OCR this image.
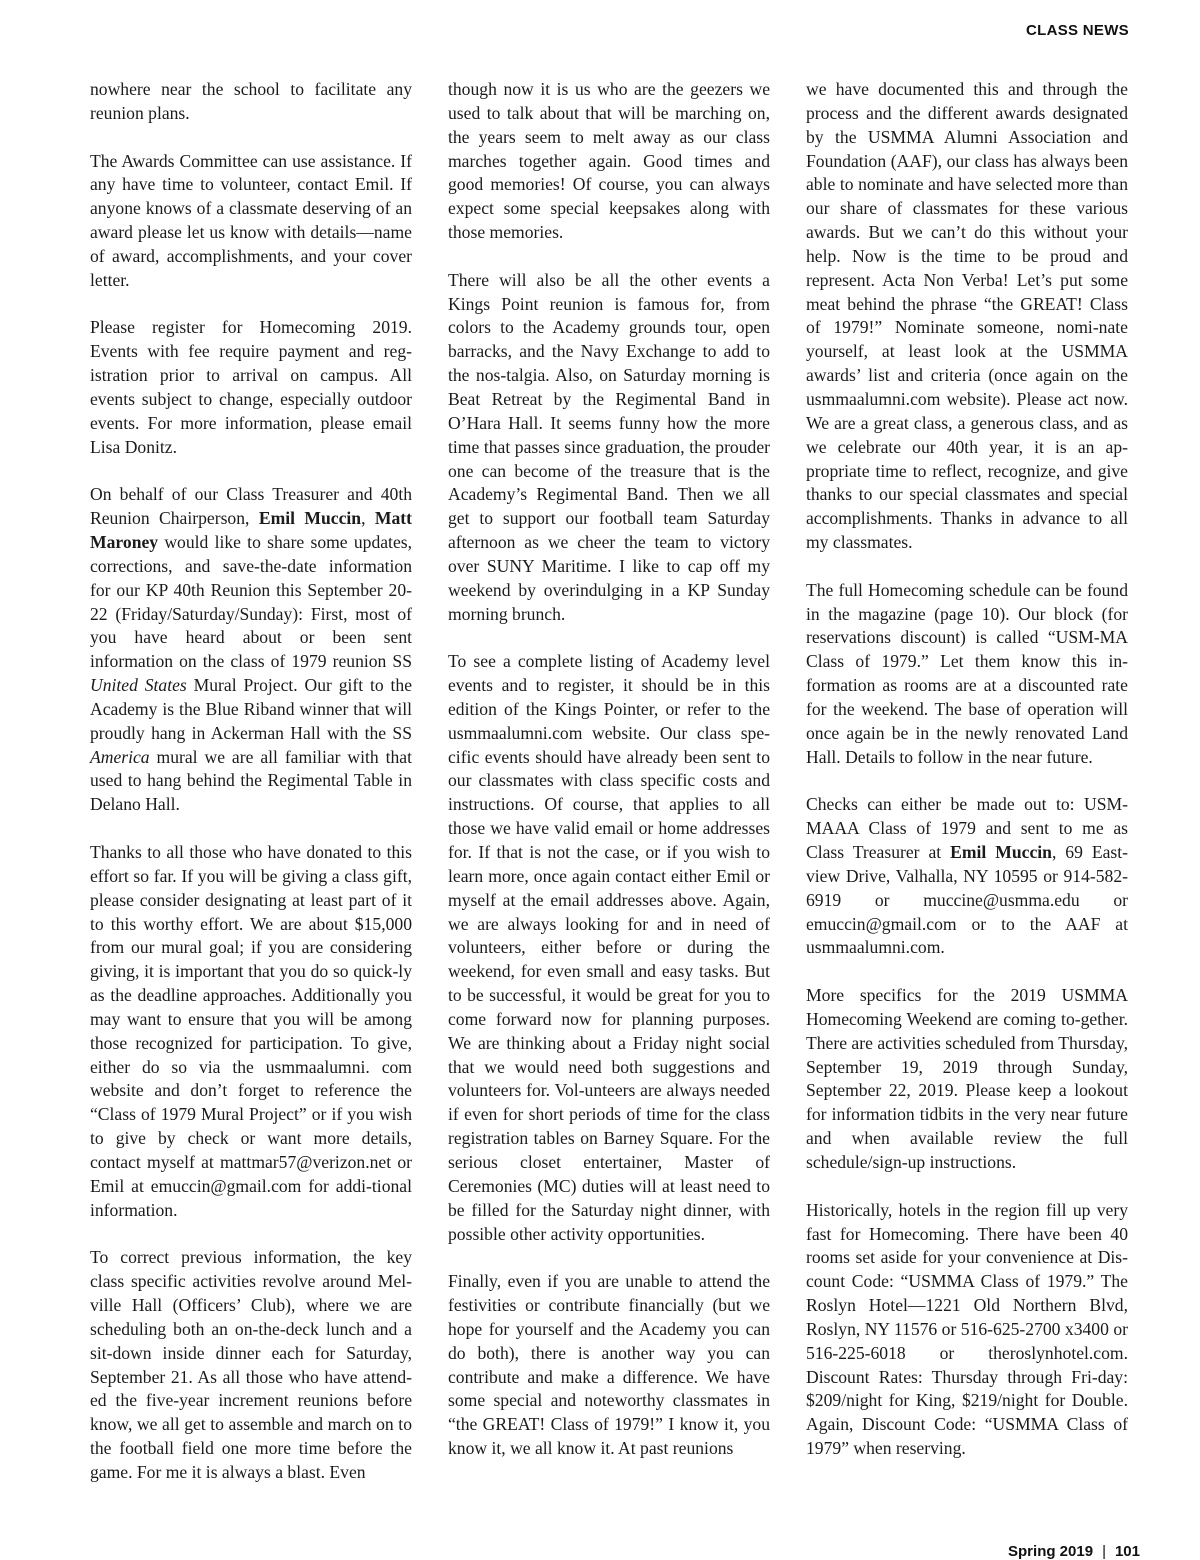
CLASS NEWS

nowhere near the school to facilitate any reunion plans.

The Awards Committee can use assistance. If any have time to volunteer, contact Emil. If anyone knows of a classmate deserving of an award please let us know with details—name of award, accomplishments, and your cover letter.

Please register for Homecoming 2019. Events with fee require payment and reg-istration prior to arrival on campus. All events subject to change, especially outdoor events. For more information, please email Lisa Donitz.

On behalf of our Class Treasurer and 40th Reunion Chairperson, Emil Muccin, Matt Maroney would like to share some updates, corrections, and save-the-date information for our KP 40th Reunion this September 20-22 (Friday/Saturday/Sunday): First, most of you have heard about or been sent information on the class of 1979 reunion SS United States Mural Project. Our gift to the Academy is the Blue Riband winner that will proudly hang in Ackerman Hall with the SS America mural we are all familiar with that used to hang behind the Regimental Table in Delano Hall.

Thanks to all those who have donated to this effort so far. If you will be giving a class gift, please consider designating at least part of it to this worthy effort. We are about $15,000 from our mural goal; if you are considering giving, it is important that you do so quick-ly as the deadline approaches. Additionally you may want to ensure that you will be among those recognized for participation. To give, either do so via the usmmaalumni. com website and don’t forget to reference the “Class of 1979 Mural Project” or if you wish to give by check or want more details, contact myself at mattmar57@verizon.net or Emil at emuccin@gmail.com for addi-tional information.

To correct previous information, the key class specific activities revolve around Mel-ville Hall (Officers’ Club), where we are scheduling both an on-the-deck lunch and a sit-down inside dinner each for Saturday, September 21. As all those who have attend-ed the five-year increment reunions before know, we all get to assemble and march on to the football field one more time before the game. For me it is always a blast. Even

though now it is us who are the geezers we used to talk about that will be marching on, the years seem to melt away as our class marches together again. Good times and good memories! Of course, you can always expect some special keepsakes along with those memories.

There will also be all the other events a Kings Point reunion is famous for, from colors to the Academy grounds tour, open barracks, and the Navy Exchange to add to the nos-talgia. Also, on Saturday morning is Beat Retreat by the Regimental Band in O’Hara Hall. It seems funny how the more time that passes since graduation, the prouder one can become of the treasure that is the Academy’s Regimental Band. Then we all get to support our football team Saturday afternoon as we cheer the team to victory over SUNY Maritime. I like to cap off my weekend by overindulging in a KP Sunday morning brunch.

To see a complete listing of Academy level events and to register, it should be in this edition of the Kings Pointer, or refer to the usmmaalumni.com website. Our class spe-cific events should have already been sent to our classmates with class specific costs and instructions. Of course, that applies to all those we have valid email or home addresses for. If that is not the case, or if you wish to learn more, once again contact either Emil or myself at the email addresses above. Again, we are always looking for and in need of volunteers, either before or during the weekend, for even small and easy tasks. But to be successful, it would be great for you to come forward now for planning purposes. We are thinking about a Friday night social that we would need both suggestions and volunteers for. Vol-unteers are always needed if even for short periods of time for the class registration tables on Barney Square. For the serious closet entertainer, Master of Ceremonies (MC) duties will at least need to be filled for the Saturday night dinner, with possible other activity opportunities.

Finally, even if you are unable to attend the festivities or contribute financially (but we hope for yourself and the Academy you can do both), there is another way you can contribute and make a difference. We have some special and noteworthy classmates in “the GREAT! Class of 1979!” I know it, you know it, we all know it. At past reunions

we have documented this and through the process and the different awards designated by the USMMA Alumni Association and Foundation (AAF), our class has always been able to nominate and have selected more than our share of classmates for these various awards. But we can’t do this without your help. Now is the time to be proud and represent. Acta Non Verba! Let’s put some meat behind the phrase “the GREAT! Class of 1979!” Nominate someone, nomi-nate yourself, at least look at the USMMA awards’ list and criteria (once again on the usmmaalumni.com website). Please act now. We are a great class, a generous class, and as we celebrate our 40th year, it is an ap-propriate time to reflect, recognize, and give thanks to our special classmates and special accomplishments. Thanks in advance to all my classmates.

The full Homecoming schedule can be found in the magazine (page 10). Our block (for reservations discount) is called “USM-MA Class of 1979.” Let them know this in-formation as rooms are at a discounted rate for the weekend. The base of operation will once again be in the newly renovated Land Hall. Details to follow in the near future.

Checks can either be made out to: USM-MAAA Class of 1979 and sent to me as Class Treasurer at Emil Muccin, 69 East-view Drive, Valhalla, NY 10595 or 914-582-6919 or muccine@usmma.edu or emuccin@gmail.com or to the AAF at usmmaalumni.com.

More specifics for the 2019 USMMA Homecoming Weekend are coming to-gether. There are activities scheduled from Thursday, September 19, 2019 through Sunday, September 22, 2019. Please keep a lookout for information tidbits in the very near future and when available review the full schedule/sign-up instructions.

Historically, hotels in the region fill up very fast for Homecoming. There have been 40 rooms set aside for your convenience at Dis-count Code: “USMMA Class of 1979.” The Roslyn Hotel—1221 Old Northern Blvd, Roslyn, NY 11576 or 516-625-2700 x3400 or 516-225-6018 or theroslynhotel.com. Discount Rates: Thursday through Fri-day: $209/night for King, $219/night for Double. Again, Discount Code: “USMMA Class of 1979” when reserving.

Spring 2019 | 101
